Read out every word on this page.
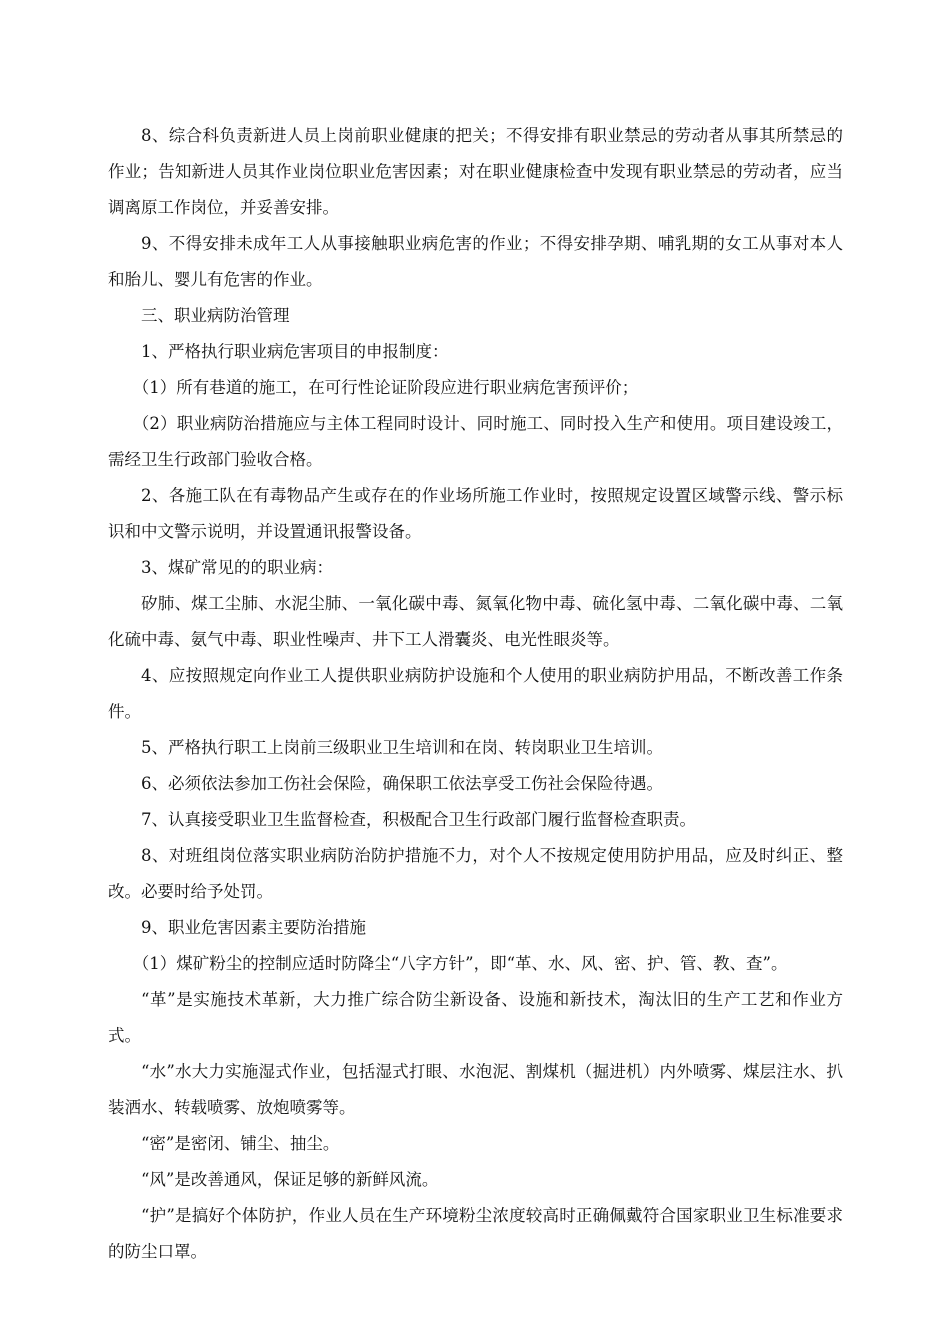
8、综合科负责新进人员上岗前职业健康的把关；不得安排有职业禁忌的劳动者从事其所禁忌的作业；告知新进人员其作业岗位职业危害因素；对在职业健康检查中发现有职业禁忌的劳动者，应当调离原工作岗位，并妥善安排。

9、不得安排未成年工人从事接触职业病危害的作业；不得安排孕期、哺乳期的女工从事对本人和胎儿、婴儿有危害的作业。

三、职业病防治管理

1、严格执行职业病危害项目的申报制度：

（1）所有巷道的施工，在可行性论证阶段应进行职业病危害预评价；

（2）职业病防治措施应与主体工程同时设计、同时施工、同时投入生产和使用。项目建设竣工，需经卫生行政部门验收合格。

2、各施工队在有毒物品产生或存在的作业场所施工作业时，按照规定设置区域警示线、警示标识和中文警示说明，并设置通讯报警设备。

3、煤矿常见的的职业病：

矽肺、煤工尘肺、水泥尘肺、一氧化碳中毒、氮氧化物中毒、硫化氢中毒、二氧化碳中毒、二氧化硫中毒、氨气中毒、职业性噪声、井下工人滑囊炎、电光性眼炎等。

4、应按照规定向作业工人提供职业病防护设施和个人使用的职业病防护用品，不断改善工作条件。

5、严格执行职工上岗前三级职业卫生培训和在岗、转岗职业卫生培训。

6、必须依法参加工伤社会保险，确保职工依法享受工伤社会保险待遇。

7、认真接受职业卫生监督检查，积极配合卫生行政部门履行监督检查职责。

8、对班组岗位落实职业病防治防护措施不力，对个人不按规定使用防护用品，应及时纠正、整改。必要时给予处罚。

9、职业危害因素主要防治措施

（1）煤矿粉尘的控制应适时防降尘“八字方针”，即“革、水、风、密、护、管、教、查”。

“革”是实施技术革新，大力推广综合防尘新设备、设施和新技术，淘汰旧的生产工艺和作业方式。

“水”水大力实施湿式作业，包括湿式打眼、水泡泥、割煤机（掘进机）内外喷雾、煤层注水、扒装洒水、转载喷雾、放炮喷雾等。

“密”是密闭、铺尘、抽尘。

“风”是改善通风，保证足够的新鲜风流。

“护”是搞好个体防护，作业人员在生产环境粉尘浓度较高时正确佩戴符合国家职业卫生标准要求的防尘口罩。
